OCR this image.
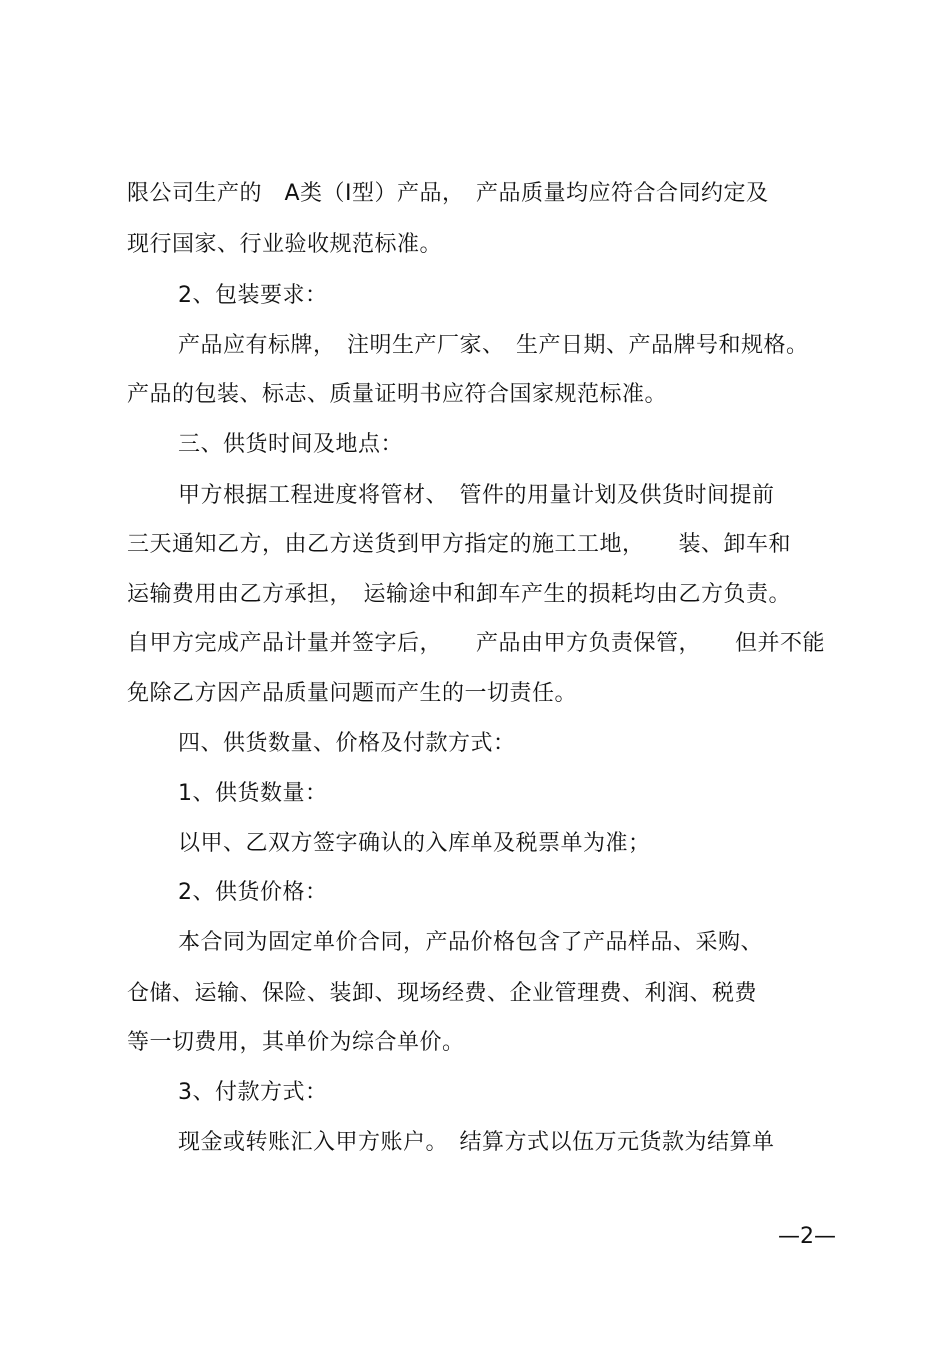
限公司生产的　A类（Ⅰ型）产品，　产品质量均应符合合同约定及
现行国家、行业验收规范标准。
2、包装要求：
产品应有标牌，　注明生产厂家、　生产日期、产品牌号和规格。
产品的包装、标志、质量证明书应符合国家规范标准。
三、供货时间及地点：
甲方根据工程进度将管材、　管件的用量计划及供货时间提前
三天通知乙方，由乙方送货到甲方指定的施工工地，　　装、卸车和
运输费用由乙方承担，　运输途中和卸车产生的损耗均由乙方负责。
自甲方完成产品计量并签字后，　　产品由甲方负责保管，　　但并不能
免除乙方因产品质量问题而产生的一切责任。
四、供货数量、价格及付款方式：
1、供货数量：
以甲、乙双方签字确认的入库单及税票单为准；
2、供货价格：
本合同为固定单价合同，产品价格包含了产品样品、采购、
仓储、运输、保险、装卸、现场经费、企业管理费、利润、税费
等一切费用，其单价为综合单价。
3、付款方式：
现金或转账汇入甲方账户。　结算方式以伍万元货款为结算单
—2—
